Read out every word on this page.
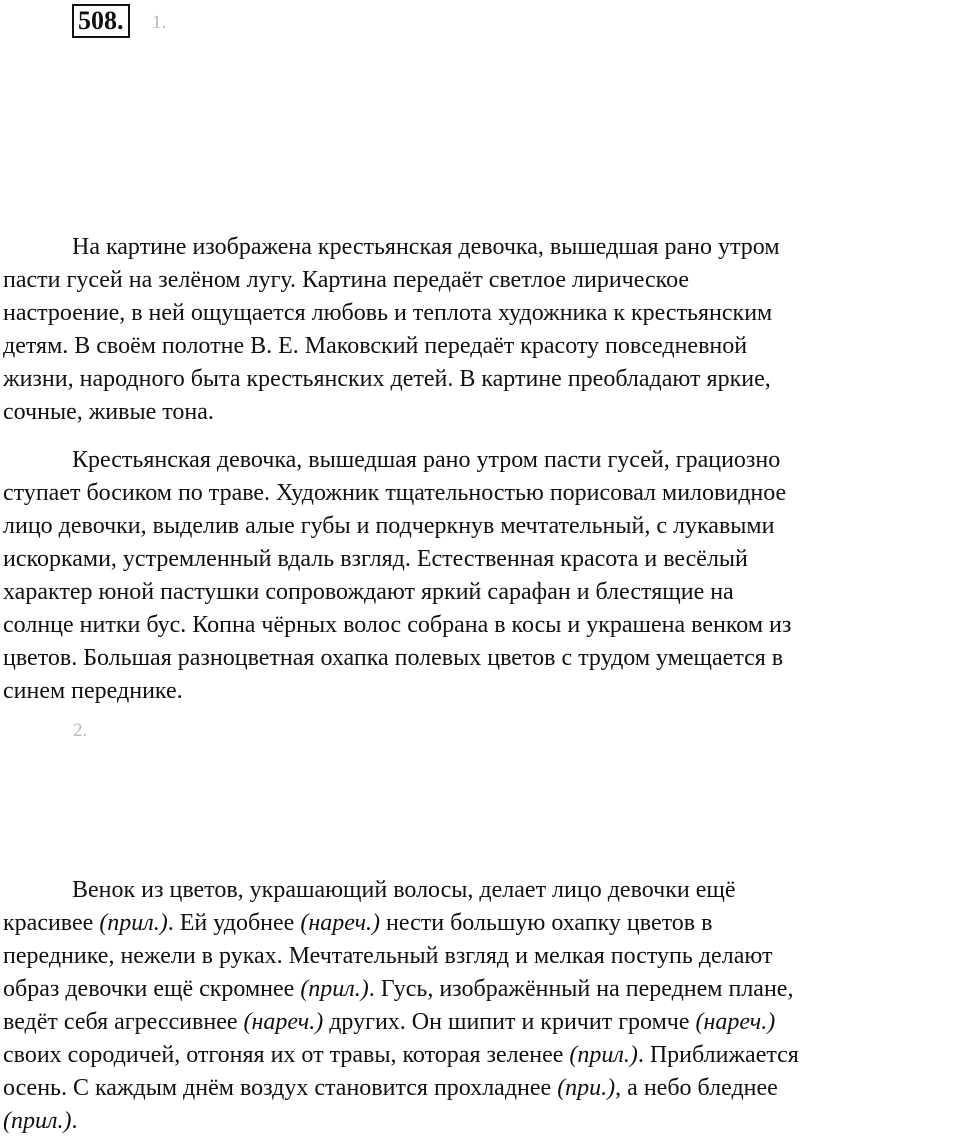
508.	1.
На картине изображена крестьянская девочка, вышедшая рано утром
пасти гусей на зелёном лугу. Картина передаёт светлое лирическое
настроение, в ней ощущается любовь и теплота художника к крестьянским
детям. В своём полотне В. Е. Маковский передаёт красоту повседневной
жизни, народного быта крестьянских детей. В картине преобладают яркие,
сочные, живые тона.
Крестьянская девочка, вышедшая рано утром пасти гусей, грациозно
ступает босиком по траве. Художник тщательностью порисовал миловидное
лицо девочки, выделив алые губы и подчеркнув мечтательный, с лукавыми
искорками, устремленный вдаль взгляд. Естественная красота и весёлый
характер юной пастушки сопровождают яркий сарафан и блестящие на
солнце нитки бус. Копна чёрных волос собрана в косы и украшена венком из
цветов. Большая разноцветная охапка полевых цветов с трудом умещается в
синем переднике.
2.
Венок из цветов, украшающий волосы, делает лицо девочки ещё
красивее (прил.). Ей удобнее (нареч.) нести большую охапку цветов в
переднике, нежели в руках. Мечтательный взгляд и мелкая поступь делают
образ девочки ещё скромнее (прил.). Гусь, изображённый на переднем плане,
ведёт себя агрессивнее (нареч.) других. Он шипит и кричит громче (нареч.)
своих сородичей, отгоняя их от травы, которая зеленее (прил.). Приближается
осень. С каждым днём воздух становится прохладнее (при.), а небо бледнее
(прил.).
